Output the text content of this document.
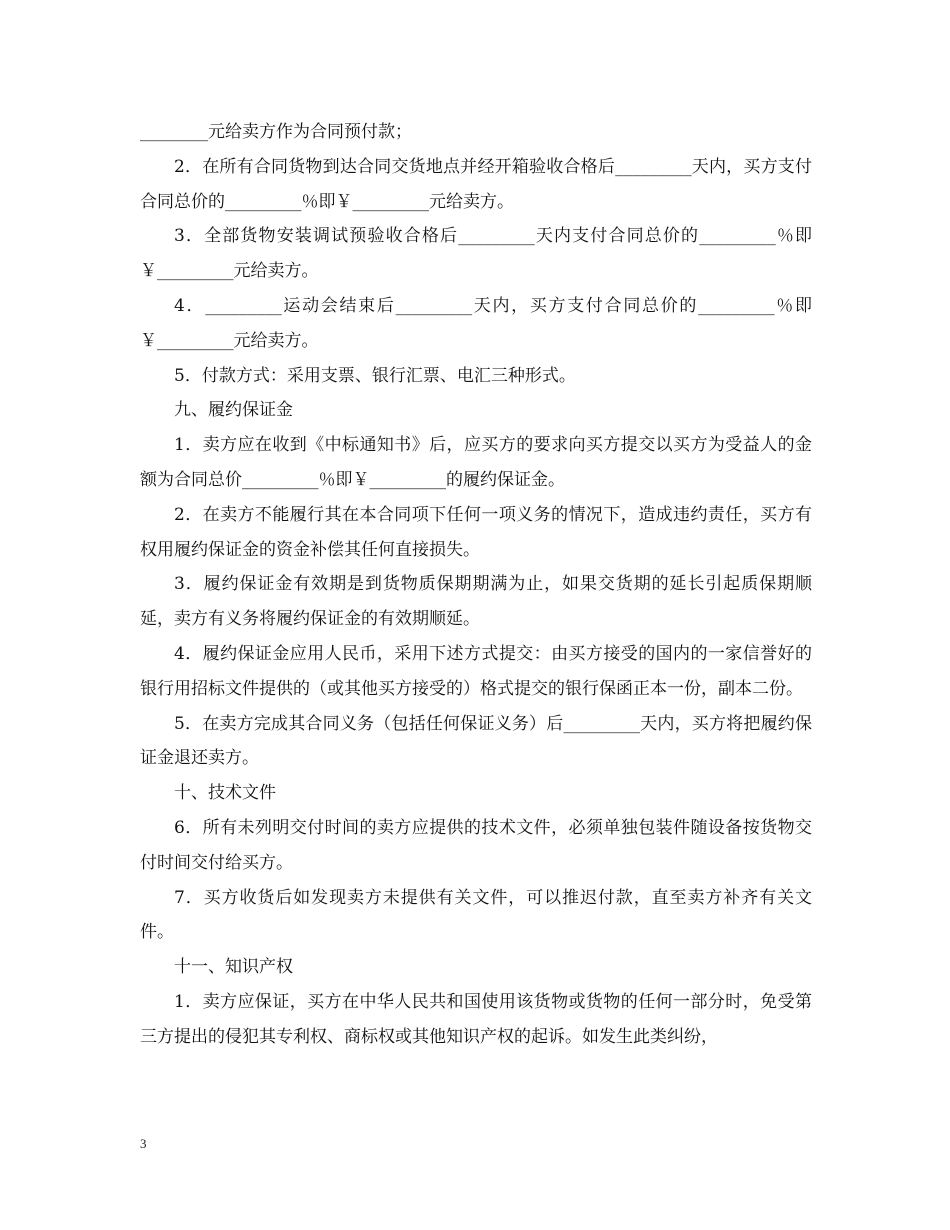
________元给卖方作为合同预付款；

2．在所有合同货物到达合同交货地点并经开箱验收合格后_________天内，买方支付合同总价的_________％即￥_________元给卖方。

3．全部货物安装调试预验收合格后_________天内支付合同总价的_________％即￥_________元给卖方。

4．_________运动会结束后_________天内，买方支付合同总价的_________％即￥_________元给卖方。

5．付款方式：采用支票、银行汇票、电汇三种形式。

九、履约保证金

1．卖方应在收到《中标通知书》后，应买方的要求向买方提交以买方为受益人的金额为合同总价_________％即￥_________的履约保证金。

2．在卖方不能履行其在本合同项下任何一项义务的情况下，造成违约责任，买方有权用履约保证金的资金补偿其任何直接损失。

3．履约保证金有效期是到货物质保期期满为止，如果交货期的延长引起质保期顺延，卖方有义务将履约保证金的有效期顺延。

4．履约保证金应用人民币，采用下述方式提交：由买方接受的国内的一家信誉好的银行用招标文件提供的（或其他买方接受的）格式提交的银行保函正本一份，副本二份。

5．在卖方完成其合同义务（包括任何保证义务）后_________天内，买方将把履约保证金退还卖方。

十、技术文件

6．所有未列明交付时间的卖方应提供的技术文件，必须单独包装件随设备按货物交付时间交付给买方。

7．买方收货后如发现卖方未提供有关文件，可以推迟付款，直至卖方补齐有关文件。

十一、知识产权

1．卖方应保证，买方在中华人民共和国使用该货物或货物的任何一部分时，免受第三方提出的侵犯其专利权、商标权或其他知识产权的起诉。如发生此类纠纷，

3
